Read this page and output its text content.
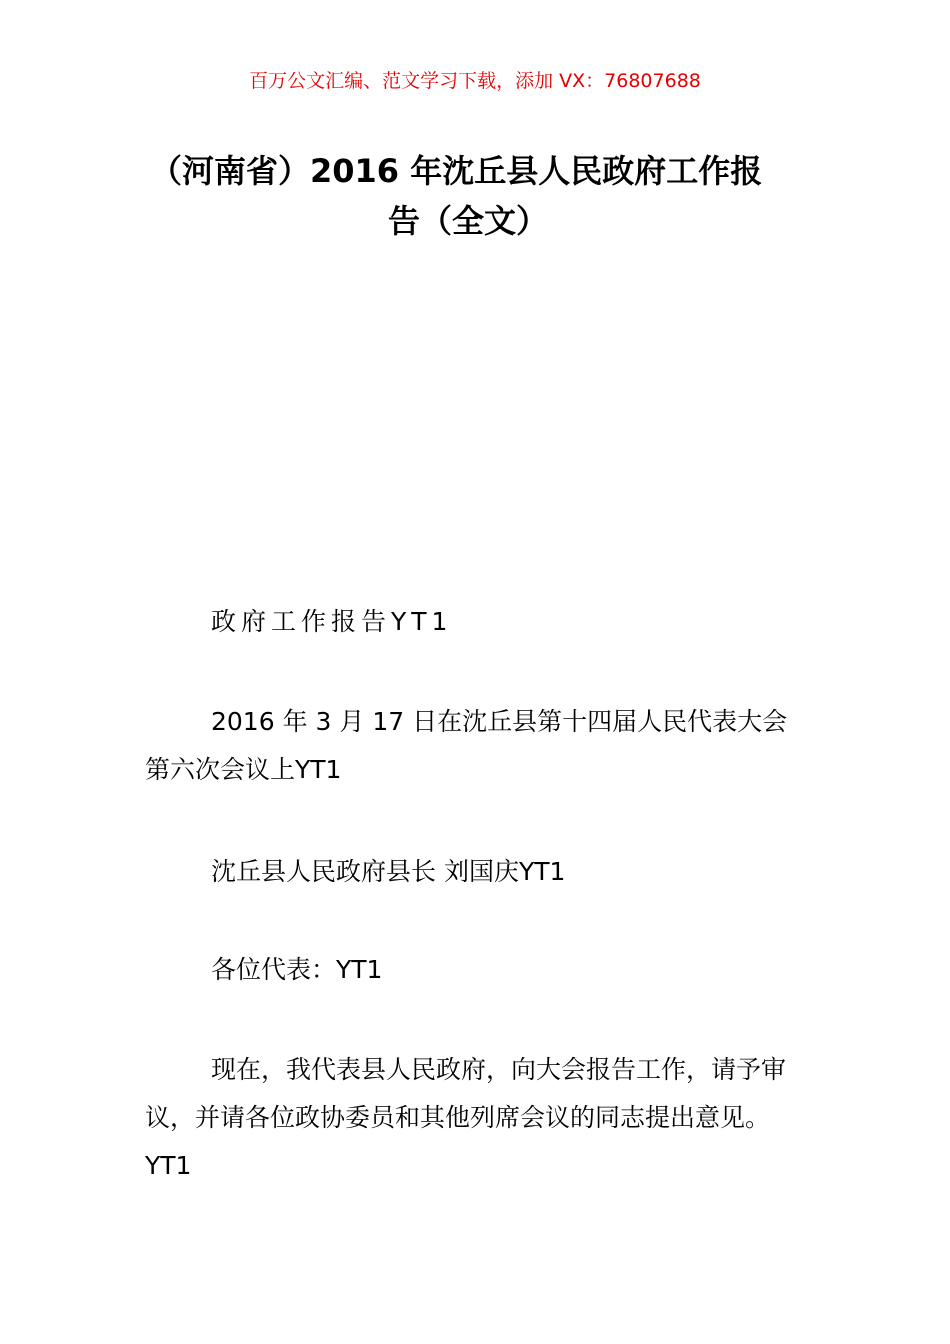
百万公文汇编、范文学习下载，添加 VX：76807688
（河南省）2016 年沈丘县人民政府工作报
告（全文）

政府工作报告YT1

2016 年 3 月 17 日在沈丘县第十四届人民代表大会第六次会议上YT1

沈丘县人民政府县长 刘国庆YT1

各位代表：YT1

现在，我代表县人民政府，向大会报告工作，请予审议，并请各位政协委员和其他列席会议的同志提出意见。YT1
